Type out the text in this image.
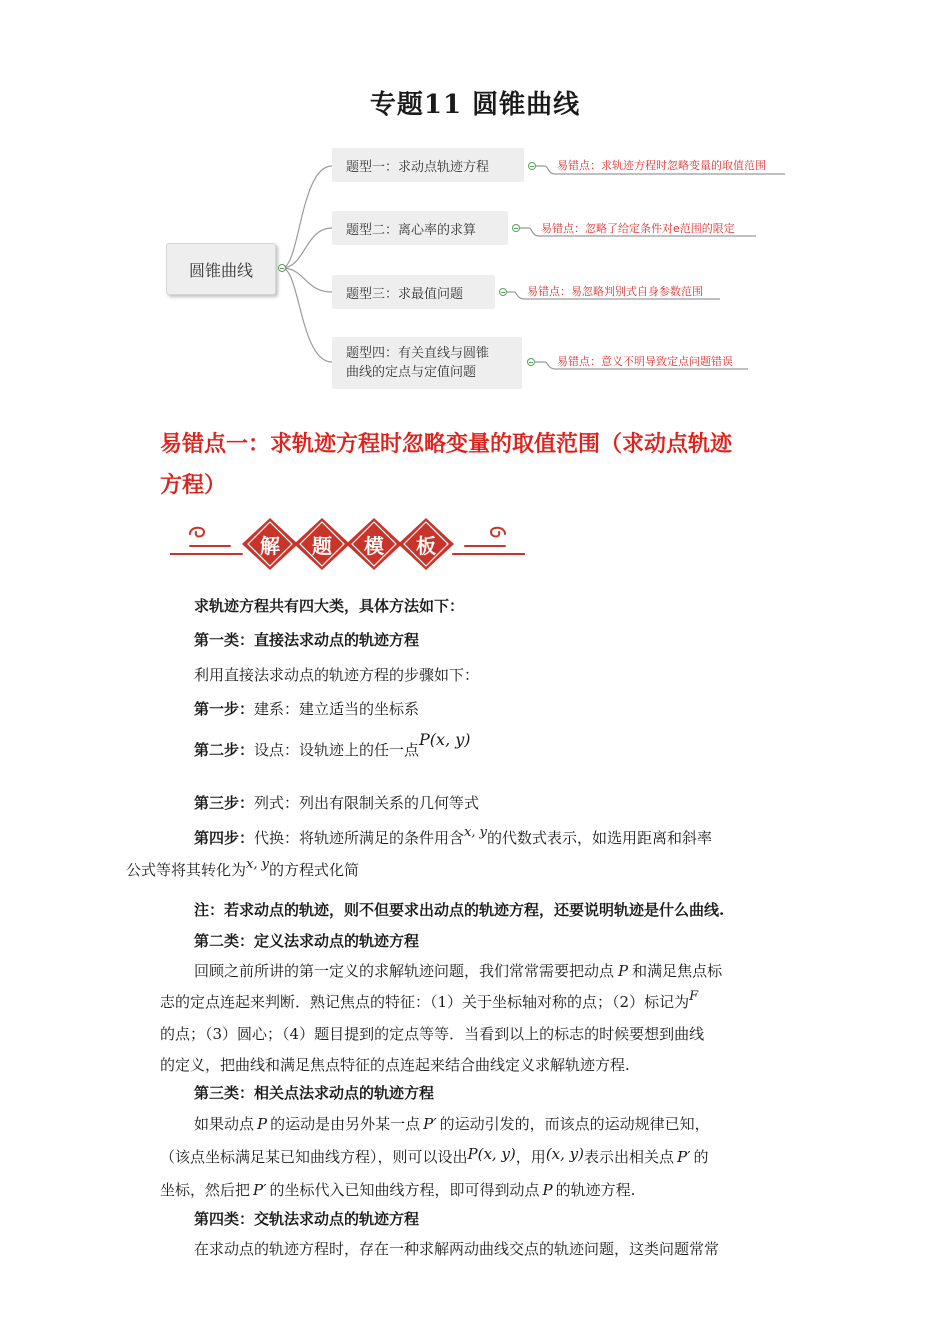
专题11 圆锥曲线
圆锥曲线
题型一：求动点轨迹方程	易错点：求轨迹方程时忽略变量的取值范围
题型二：离心率的求算	易错点：忽略了给定条件对e范围的限定
题型三：求最值问题	易错点：易忽略判别式自身参数范围
题型四：有关直线与圆锥
曲线的定点与定值问题
易错点：意义不明导致定点问题错误
易错点一：求轨迹方程时忽略变量的取值范围（求动点轨迹
方程）
解 题 模 板
求轨迹方程共有四大类，具体方法如下：
第一类：直接法求动点的轨迹方程
利用直接法求动点的轨迹方程的步骤如下：
第一步：建系：建立适当的坐标系
第二步：设点：设轨迹上的任一点P(x, y)
第三步：列式：列出有限制关系的几何等式
第四步：代换：将轨迹所满足的条件用含x, y的代数式表示，如选用距离和斜率
公式等将其转化为x, y的方程式化简
注：若求动点的轨迹，则不但要求出动点的轨迹方程，还要说明轨迹是什么曲线.
第二类：定义法求动点的轨迹方程
回顾之前所讲的第一定义的求解轨迹问题，我们常常需要把动点 P 和满足焦点标
志的定点连起来判断．熟记焦点的特征：（1）关于坐标轴对称的点；（2）标记为F
的点；（3）圆心；（4）题目提到的定点等等．当看到以上的标志的时候要想到曲线
的定义，把曲线和满足焦点特征的点连起来结合曲线定义求解轨迹方程.
第三类：相关点法求动点的轨迹方程
如果动点 P 的运动是由另外某一点 P′ 的运动引发的，而该点的运动规律已知，
（该点坐标满足某已知曲线方程），则可以设出P(x, y)，用(x, y)表示出相关点 P′ 的
坐标，然后把 P′ 的坐标代入已知曲线方程，即可得到动点 P 的轨迹方程.
第四类：交轨法求动点的轨迹方程
在求动点的轨迹方程时，存在一种求解两动曲线交点的轨迹问题，这类问题常常
